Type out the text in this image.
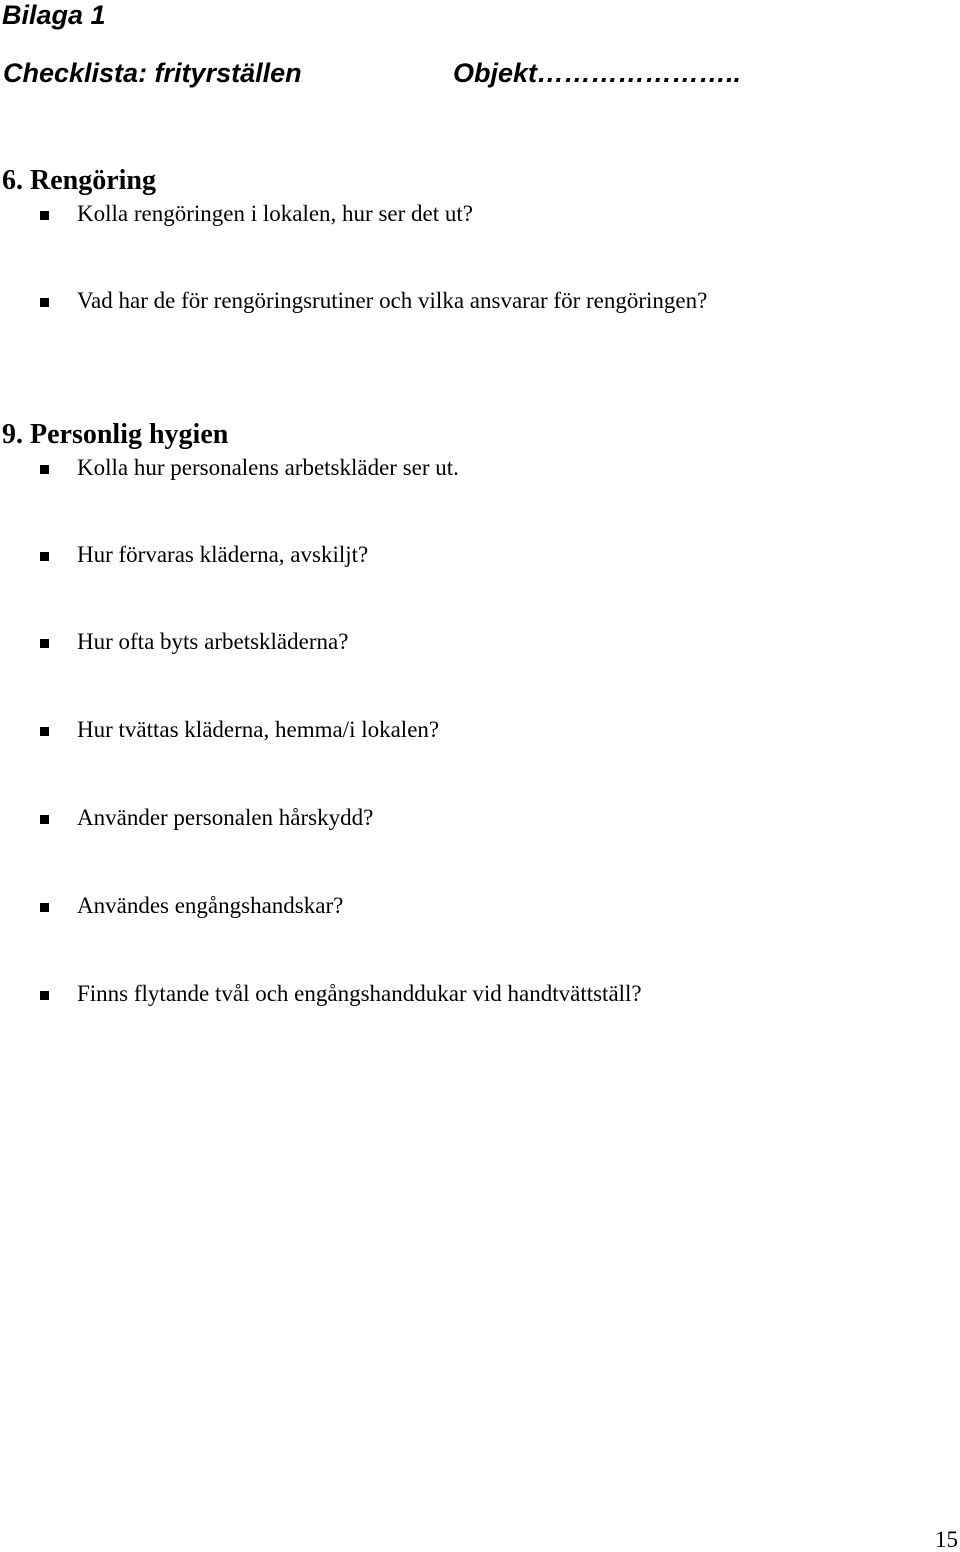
Bilaga 1
Checklista: frityrställen	Objekt…………………..
6. Rengöring
Kolla rengöringen i lokalen, hur ser det ut?
Vad har de för rengöringsrutiner och vilka ansvarar för rengöringen?
9. Personlig hygien
Kolla hur personalens arbetskläder ser ut.
Hur förvaras kläderna, avskiljt?
Hur ofta byts arbetskläderna?
Hur tvättas kläderna, hemma/i lokalen?
Använder personalen hårskydd?
Användes engångshandskar?
Finns flytande tvål och engångshanddukar vid handtvättställ?
15
